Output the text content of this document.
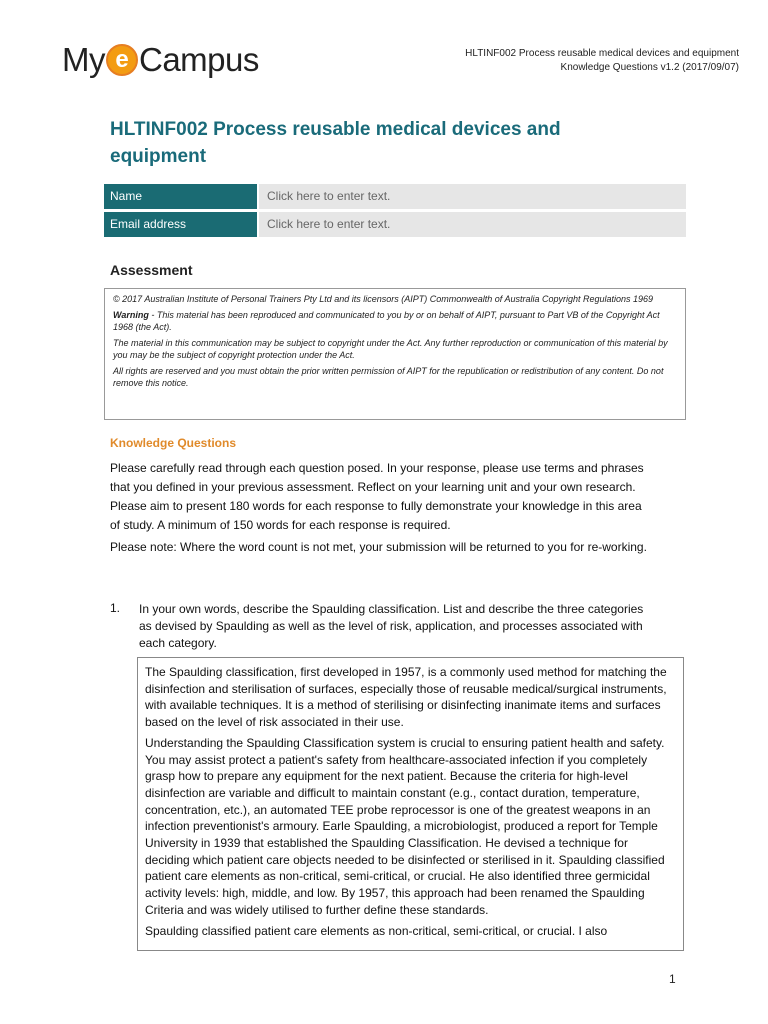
My e Campus	HLTINF002 Process reusable medical devices and equipment
Knowledge Questions v1.2 (2017/09/07)
HLTINF002 Process reusable medical devices and equipment
Name	Click here to enter text.
Email address	Click here to enter text.
Assessment

© 2017 Australian Institute of Personal Trainers Pty Ltd and its licensors (AIPT) Commonwealth of Australia Copyright Regulations 1969

Warning - This material has been reproduced and communicated to you by or on behalf of AIPT, pursuant to Part VB of the Copyright Act 1968 (the Act).

The material in this communication may be subject to copyright under the Act. Any further reproduction or communication of this material by you may be the subject of copyright protection under the Act.

All rights are reserved and you must obtain the prior written permission of AIPT for the republication or redistribution of any content. Do not remove this notice.

Knowledge Questions

Please carefully read through each question posed. In your response, please use terms and phrases that you defined in your previous assessment. Reflect on your learning unit and your own research. Please aim to present 180 words for each response to fully demonstrate your knowledge in this area of study. A minimum of 150 words for each response is required.

Please note: Where the word count is not met, your submission will be returned to you for re-working.

1. In your own words, describe the Spaulding classification. List and describe the three categories as devised by Spaulding as well as the level of risk, application, and processes associated with each category.

The Spaulding classification, first developed in 1957, is a commonly used method for matching the disinfection and sterilisation of surfaces, especially those of reusable medical/surgical instruments, with available techniques. It is a method of sterilising or disinfecting inanimate items and surfaces based on the level of risk associated in their use.

Understanding the Spaulding Classification system is crucial to ensuring patient health and safety. You may assist protect a patient's safety from healthcare-associated infection if you completely grasp how to prepare any equipment for the next patient. Because the criteria for high-level disinfection are variable and difficult to maintain constant (e.g., contact duration, temperature, concentration, etc.), an automated TEE probe reprocessor is one of the greatest weapons in an infection preventionist's armoury. Earle Spaulding, a microbiologist, produced a report for Temple University in 1939 that established the Spaulding Classification. He devised a technique for deciding which patient care objects needed to be disinfected or sterilised in it. Spaulding classified patient care elements as non-critical, semi-critical, or crucial. He also identified three germicidal activity levels: high, middle, and low. By 1957, this approach had been renamed the Spaulding Criteria and was widely utilised to further define these standards.

Spaulding classified patient care elements as non-critical, semi-critical, or crucial. I also

1
